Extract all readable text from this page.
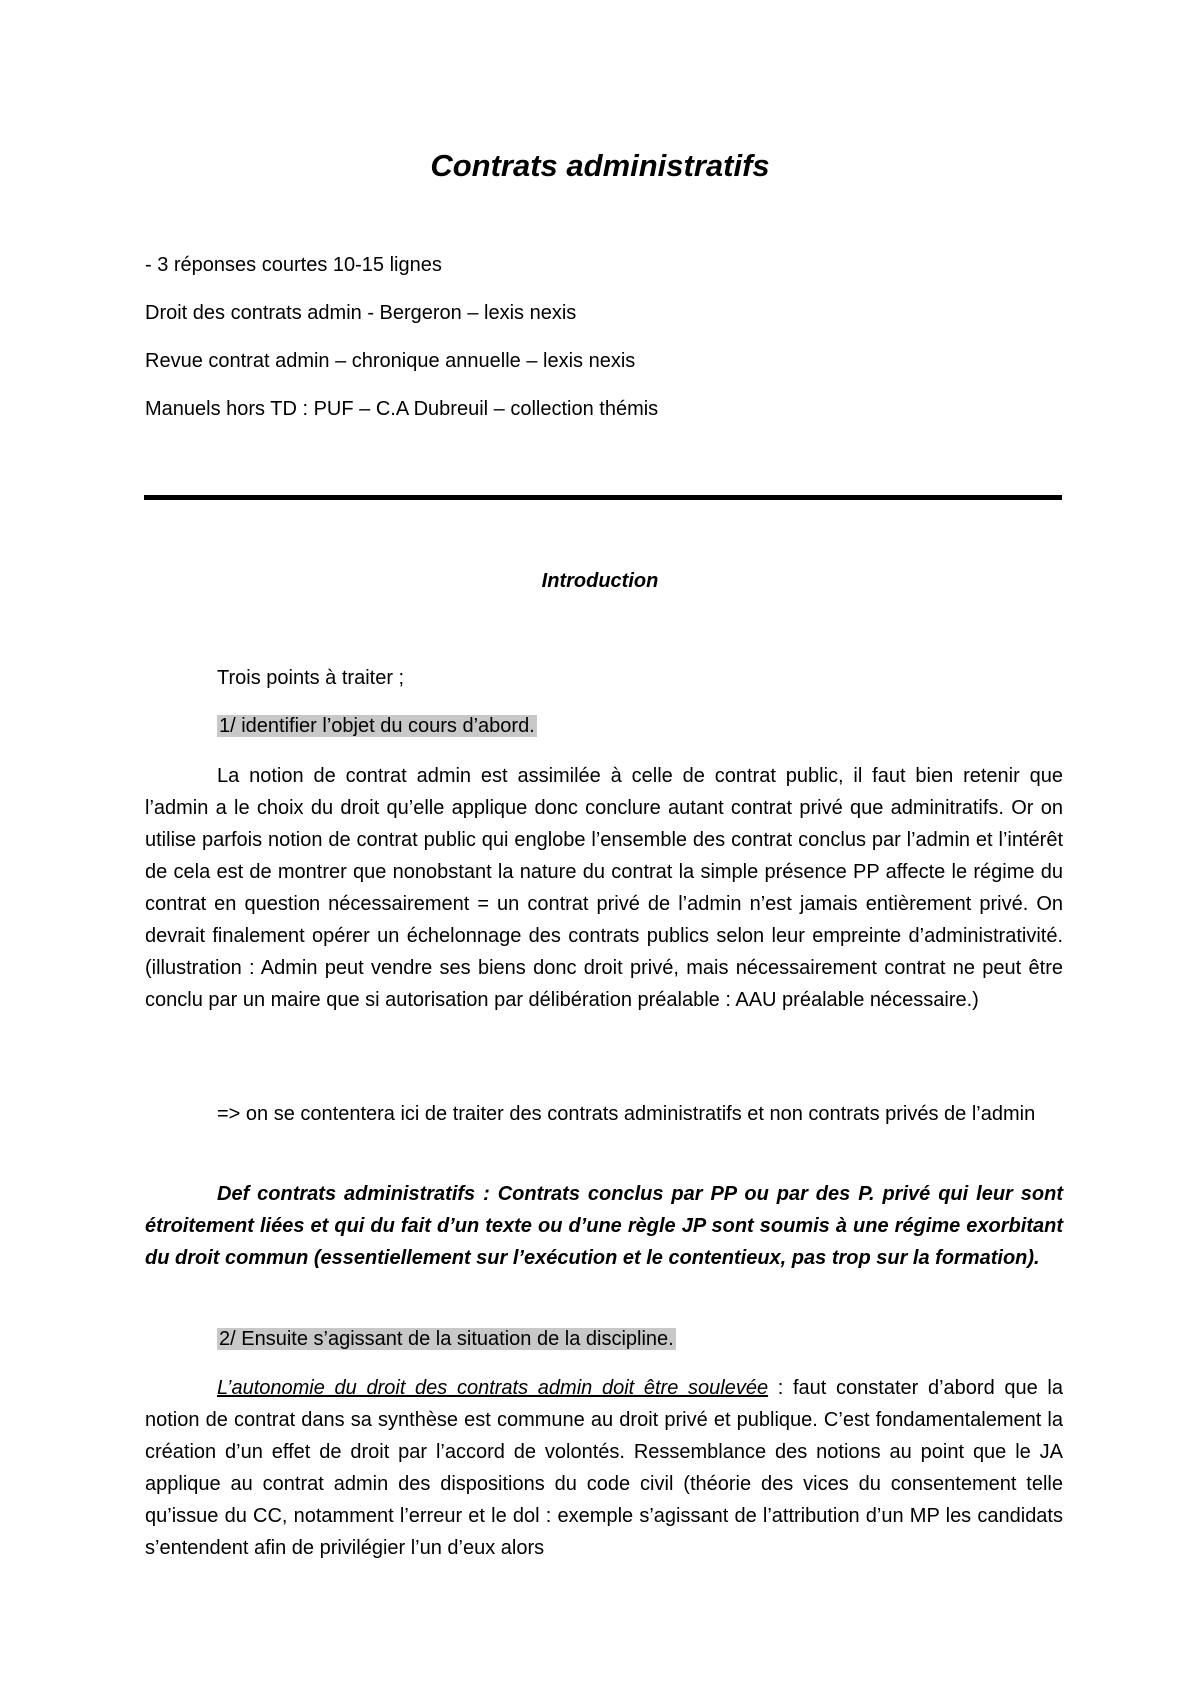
Contrats administratifs
- 3 réponses courtes 10-15 lignes
Droit des contrats admin - Bergeron – lexis nexis
Revue contrat admin – chronique annuelle – lexis nexis
Manuels hors TD : PUF – C.A Dubreuil – collection thémis
Introduction
Trois points à traiter ;
1/ identifier l’objet du cours d’abord.
La notion de contrat admin est assimilée à celle de contrat public, il faut bien retenir que l’admin a le choix du droit qu’elle applique donc conclure autant contrat privé que adminitratifs. Or on utilise parfois notion de contrat public qui englobe l’ensemble des contrat conclus par l’admin et l’intérêt de cela est de montrer que nonobstant la nature du contrat la simple présence PP affecte le régime du contrat en question nécessairement = un contrat privé de l’admin n’est jamais entièrement privé. On devrait finalement opérer un échelonnage des contrats publics selon leur empreinte d’administrativité. (illustration : Admin peut vendre ses biens donc droit privé, mais nécessairement contrat ne peut être conclu par un maire que si autorisation par délibération préalable : AAU préalable nécessaire.)
=> on se contentera ici de traiter des contrats administratifs et non contrats privés de l’admin
Def contrats administratifs : Contrats conclus par PP ou par des P. privé qui leur sont étroitement liées et qui du fait d’un texte ou d’une règle JP sont soumis à une régime exorbitant du droit commun (essentiellement sur l’exécution et le contentieux, pas trop sur la formation).
2/ Ensuite s’agissant de la situation de la discipline.
L’autonomie du droit des contrats admin doit être soulevée : faut constater d’abord que la notion de contrat dans sa synthèse est commune au droit privé et publique. C’est fondamentalement la création d’un effet de droit par l’accord de volontés. Ressemblance des notions au point que le JA applique au contrat admin des dispositions du code civil (théorie des vices du consentement telle qu’issue du CC, notamment l’erreur et le dol : exemple s’agissant de l’attribution d’un MP les candidats s’entendent afin de privilégier l’un d’eux alors
